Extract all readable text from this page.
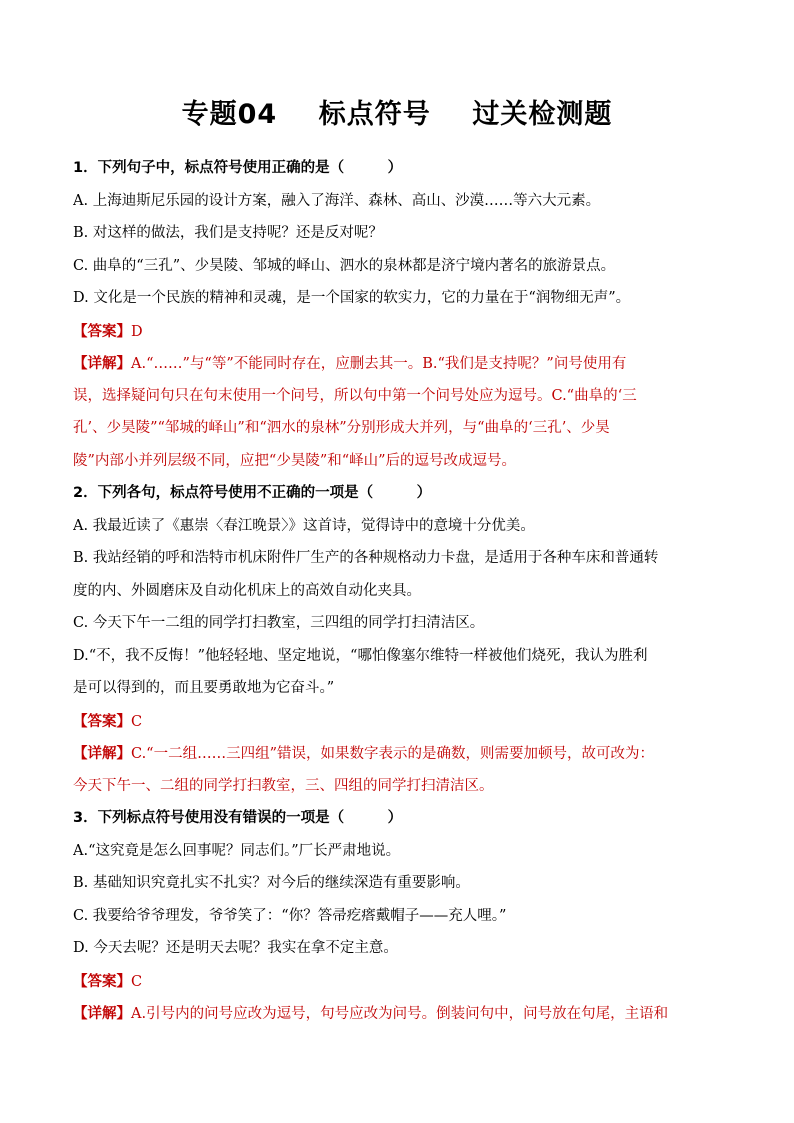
专题04    标点符号    过关检测题
1．下列句子中，标点符号使用正确的是（　　　）
A. 上海迪斯尼乐园的设计方案，融入了海洋、森林、高山、沙漠……等六大元素。
B. 对这样的做法，我们是支持呢？还是反对呢？
C. 曲阜的“三孔”、少昊陵、邹城的峄山、泗水的泉林都是济宁境内著名的旅游景点。
D. 文化是一个民族的精神和灵魂，是一个国家的软实力，它的力量在于“润物细无声”。
【答案】D
【详解】A.“……”与“等”不能同时存在，应删去其一。B.“我们是支持呢？”问号使用有
误，选择疑问句只在句末使用一个问号，所以句中第一个问号处应为逗号。C.“曲阜的‘三
孔’、少昊陵”“邹城的峄山”和“泗水的泉林”分别形成大并列，与“曲阜的‘三孔’、少昊
陵”内部小并列层级不同，应把“少昊陵”和“峄山”后的逗号改成逗号。
2．下列各句，标点符号使用不正确的一项是（　　　）
A. 我最近读了《惠崇〈春江晚景〉》这首诗，觉得诗中的意境十分优美。
B. 我站经销的呼和浩特市机床附件厂生产的各种规格动力卡盘，是适用于各种车床和普通转
度的内、外圆磨床及自动化机床上的高效自动化夹具。
C. 今天下午一二组的同学打扫教室，三四组的同学打扫清洁区。
D.“不，我不反悔！”他轻轻地、坚定地说，“哪怕像塞尔维特一样被他们烧死，我认为胜利
是可以得到的，而且要勇敢地为它奋斗。”
【答案】C
【详解】C.“一二组……三四组”错误，如果数字表示的是确数，则需要加顿号，故可改为：
今天下午一、二组的同学打扫教室，三、四组的同学打扫清洁区。
3．下列标点符号使用没有错误的一项是（　　　）
A.“这究竟是怎么回事呢？同志们。”厂长严肃地说。
B. 基础知识究竟扎实不扎实？对今后的继续深造有重要影响。
C. 我要给爷爷理发，爷爷笑了：“你？答帚疙瘩戴帽子——充人哩。”
D. 今天去呢？还是明天去呢？我实在拿不定主意。
【答案】C
【详解】A.引号内的问号应改为逗号，句号应改为问号。倒装问句中，问号放在句尾，主语和
